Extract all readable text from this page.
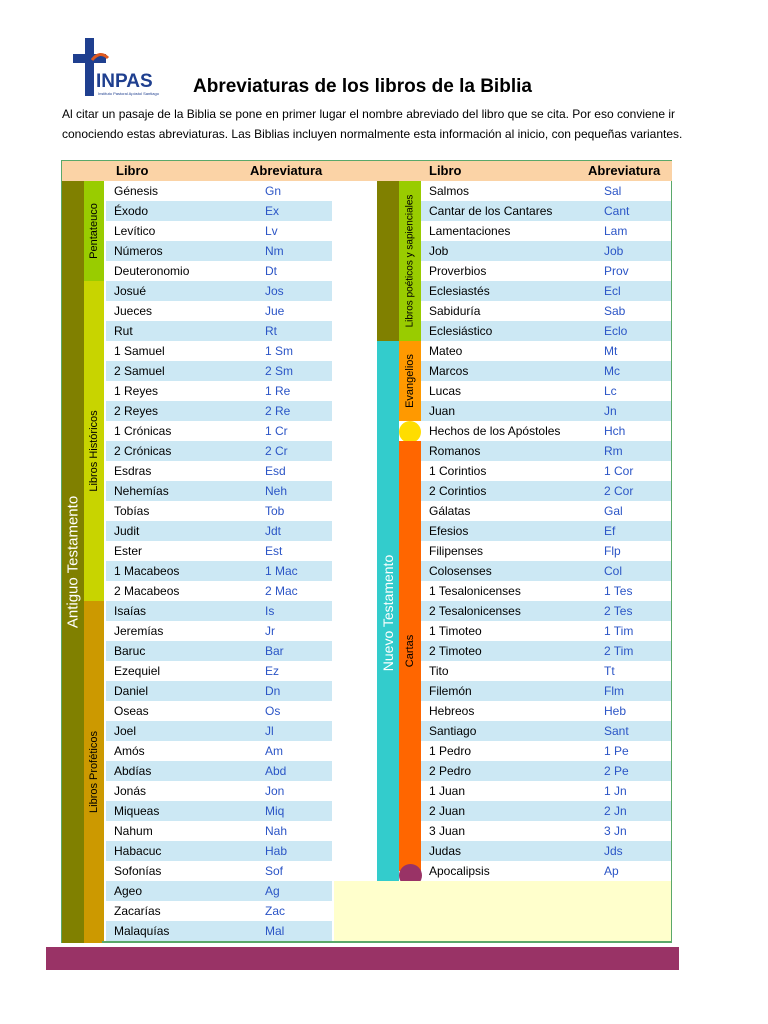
INPAS
Instituto Pastoral Apóstol Santiago Abreviaturas de los libros de la Biblia
Al citar un pasaje de la Biblia se pone en primer lugar el nombre abreviado del libro que se cita. Por eso conviene ir
conociendo estas abreviaturas. Las Biblias incluyen normalmente esta información al inicio, con pequeñas variantes.
Libro	Abreviatura	Libro	Abreviatura
Antiguo Testamento
Pentateuco
Libros Históricos
Libros Proféticos
Libros poéticos y sapienciales
Nuevo Testamento
Evangelios
Cartas
Génesis	Gn
Éxodo	Ex
Levítico	Lv
Números	Nm
Deuteronomio	Dt
Josué	Jos
Jueces	Jue
Rut	Rt
1 Samuel	1 Sm
2 Samuel	2 Sm
1 Reyes	1 Re
2 Reyes	2 Re
1 Crónicas	1 Cr
2 Crónicas	2 Cr
Esdras	Esd
Nehemías	Neh
Tobías	Tob
Judit	Jdt
Ester	Est
1 Macabeos	1 Mac
2 Macabeos	2 Mac
Isaías	Is
Jeremías	Jr
Baruc	Bar
Ezequiel	Ez
Daniel	Dn
Oseas	Os
Joel	Jl
Amós	Am
Abdías	Abd
Jonás	Jon
Miqueas	Miq
Nahum	Nah
Habacuc	Hab
Sofonías	Sof
Ageo	Ag
Zacarías	Zac
Malaquías	Mal
Salmos	Sal
Cantar de los Cantares	Cant
Lamentaciones	Lam
Job	Job
Proverbios	Prov
Eclesiastés	Ecl
Sabiduría	Sab
Eclesiástico	Eclo
Mateo	Mt
Marcos	Mc
Lucas	Lc
Juan	Jn
Hechos de los Apóstoles	Hch
Romanos	Rm
1 Corintios	1 Cor
2 Corintios	2 Cor
Gálatas	Gal
Efesios	Ef
Filipenses	Flp
Colosenses	Col
1 Tesalonicenses	1 Tes
2 Tesalonicenses	2 Tes
1 Timoteo	1 Tim
2 Timoteo	2 Tim
Tito	Tt
Filemón	Flm
Hebreos	Heb
Santiago	Sant
1 Pedro	1 Pe
2 Pedro	2 Pe
1 Juan	1 Jn
2 Juan	2 Jn
3 Juan	3 Jn
Judas	Jds
Apocalipsis	Ap
